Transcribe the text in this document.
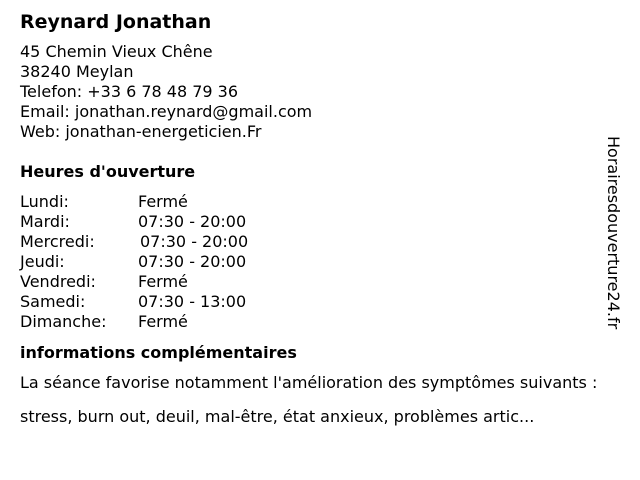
Reynard Jonathan
45 Chemin Vieux Chêne
38240 Meylan
Telefon: +33 6 78 48 79 36
Email: jonathan.reynard@gmail.com
Web: jonathan-energeticien.Fr
Heures d'ouverture
Lundi:	Fermé
Mardi:	07:30 - 20:00
Mercredi:	07:30 - 20:00
Jeudi:	07:30 - 20:00
Vendredi:	Fermé
Samedi:	07:30 - 13:00
Dimanche:	Fermé
informations complémentaires
La séance favorise notamment l'amélioration des symptômes suivants :
stress, burn out, deuil, mal-être, état anxieux, problèmes artic...
Horairesdouverture24.fr
